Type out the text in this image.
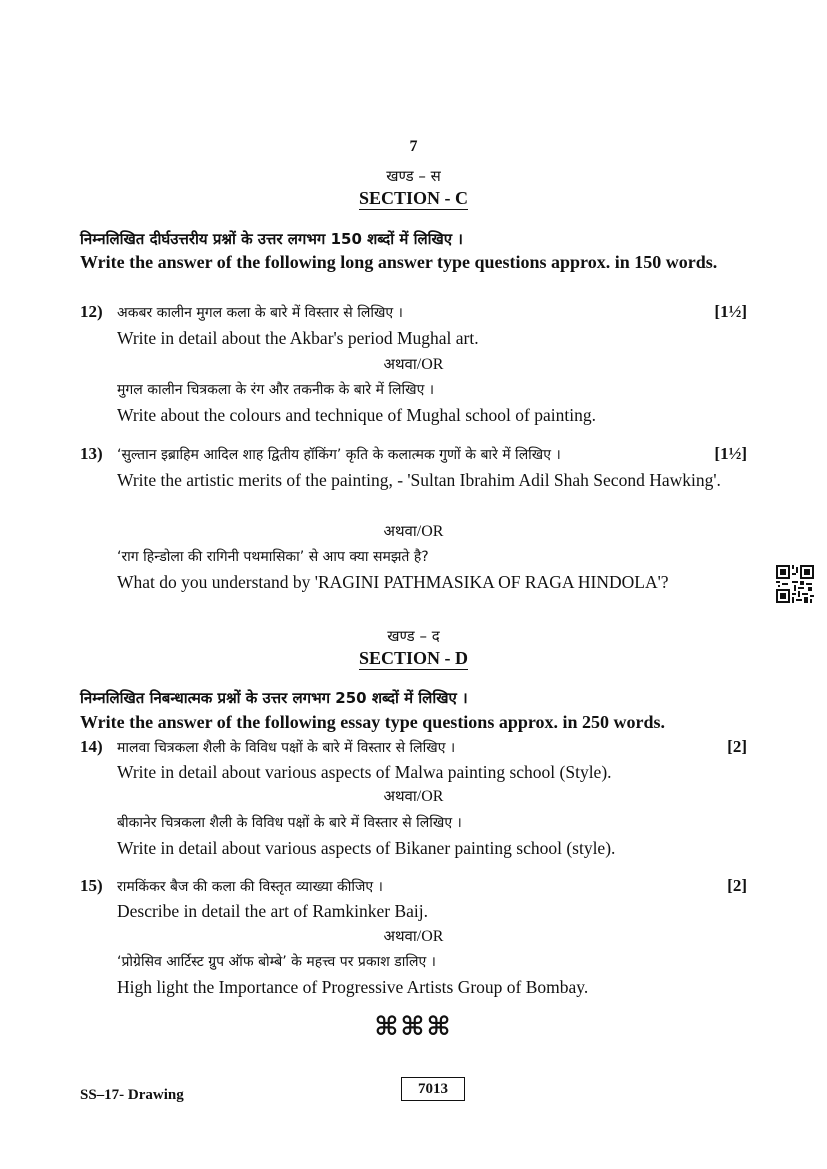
7
खण्ड – स
SECTION - C
निम्नलिखित दीर्घउत्तरीय प्रश्नों के उत्तर लगभग 150 शब्दों में लिखिए ।
Write the answer of the following long answer type questions approx. in 150 words.
12) अकबर कालीन मुगल कला के बारे में विस्तार से लिखिए ।	[1½]
Write in detail about the Akbar's period Mughal art.
अथवा/OR
मुगल कालीन चित्रकला के रंग और तकनीक के बारे में लिखिए ।
Write about the colours and technique of Mughal school of painting.
13) ‘सुल्तान इब्राहिम आदिल शाह द्वितीय हॉकिंग’ कृति के कलात्मक गुणों के बारे में लिखिए ।	[1½]
Write the artistic merits of the painting, - 'Sultan Ibrahim Adil Shah Second Hawking'.
अथवा/OR
‘राग हिन्डोला की रागिनी पथमासिका’ से आप क्या समझते है?
What do you understand by 'RAGINI PATHMASIKA OF RAGA HINDOLA'?
खण्ड – द
SECTION - D
निम्नलिखित निबन्धात्मक प्रश्नों के उत्तर लगभग 250 शब्दों में लिखिए ।
Write the answer of the following essay type questions approx. in 250 words.
14) मालवा चित्रकला शैली के विविध पक्षों के बारे में विस्तार से लिखिए ।	[2]
Write in detail about various aspects of Malwa painting school (Style).
अथवा/OR
बीकानेर चित्रकला शैली के विविध पक्षों के बारे में विस्तार से लिखिए ।
Write in detail about various aspects of Bikaner painting school (style).
15) रामकिंकर बैज की कला की विस्तृत व्याख्या कीजिए ।	[2]
Describe in detail the art of Ramkinker Baij.
अथवा/OR
‘प्रोग्रेसिव आर्टिस्ट ग्रुप ऑफ बोम्बे’ के महत्त्व पर प्रकाश डालिए ।
High light the Importance of Progressive Artists Group of Bombay.
⌘⌘⌘
SS–17- Drawing	7013
